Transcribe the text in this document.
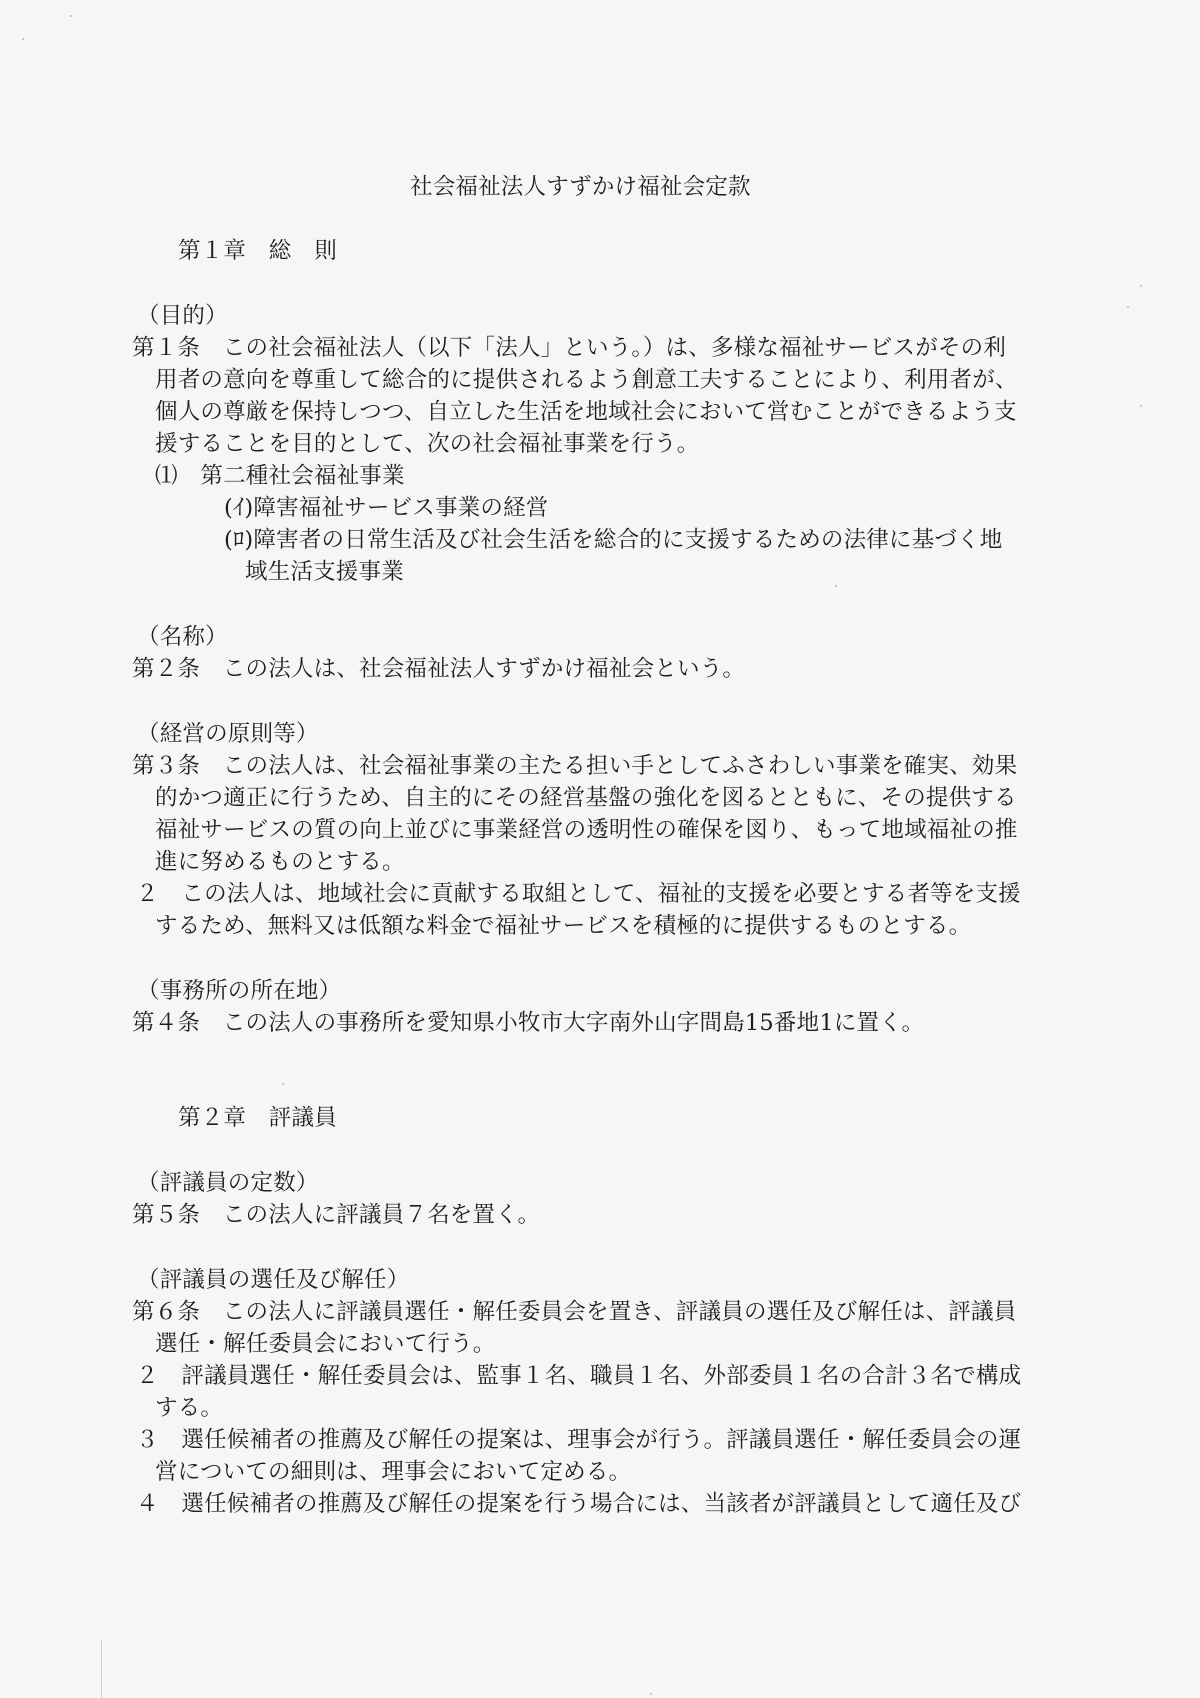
社会福祉法人すずかけ福祉会定款
第１章　総　則
（目的）
第１条　この社会福祉法人（以下「法人」という。）は、多様な福祉サービスがその利
用者の意向を尊重して総合的に提供されるよう創意工夫することにより、利用者が、
個人の尊厳を保持しつつ、自立した生活を地域社会において営むことができるよう支
援することを目的として、次の社会福祉事業を行う。
⑴　第二種社会福祉事業
(ｲ)障害福祉サービス事業の経営
(ﾛ)障害者の日常生活及び社会生活を総合的に支援するための法律に基づく地
域生活支援事業
（名称）
第２条　この法人は、社会福祉法人すずかけ福祉会という。
（経営の原則等）
第３条　この法人は、社会福祉事業の主たる担い手としてふさわしい事業を確実、効果
的かつ適正に行うため、自主的にその経営基盤の強化を図るとともに、その提供する
福祉サービスの質の向上並びに事業経営の透明性の確保を図り、もって地域福祉の推
進に努めるものとする。
２　この法人は、地域社会に貢献する取組として、福祉的支援を必要とする者等を支援
するため、無料又は低額な料金で福祉サービスを積極的に提供するものとする。
（事務所の所在地）
第４条　この法人の事務所を愛知県小牧市大字南外山字間島15番地1に置く。
第２章　評議員
（評議員の定数）
第５条　この法人に評議員７名を置く。
（評議員の選任及び解任）
第６条　この法人に評議員選任・解任委員会を置き、評議員の選任及び解任は、評議員
選任・解任委員会において行う。
２　評議員選任・解任委員会は、監事１名、職員１名、外部委員１名の合計３名で構成
する。
３　選任候補者の推薦及び解任の提案は、理事会が行う。評議員選任・解任委員会の運
営についての細則は、理事会において定める。
４　選任候補者の推薦及び解任の提案を行う場合には、当該者が評議員として適任及び
